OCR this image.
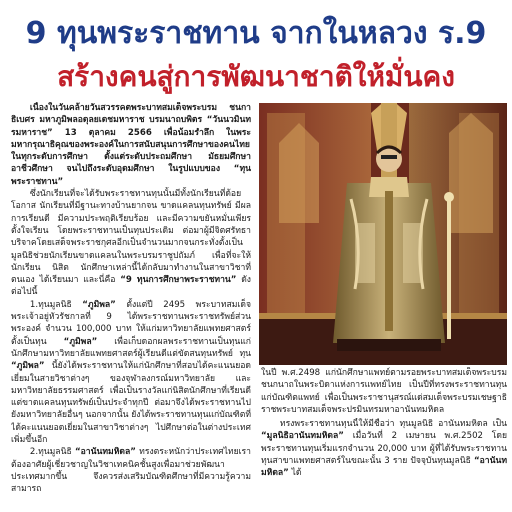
9 ทุนพระราชทาน จากในหลวง ร.9
สร้างคนสู่การพัฒนาชาติให้มั่นคง

เนื่องในวันคล้ายวันสวรรคตพระบาทสมเด็จพระบรม ชนกาธิเบศร มหาภูมิพลอดุลยเดชมหาราช บรมนาถบพิตร “วันนวมินทรมหาราช” 13 ตุลาคม 2566 เพื่อน้อมรำลึก ในพระมหากรุณาธิคุณของพระองค์ในการสนับสนุนการศึกษาของคนไทย ในทุกระดับการศึกษา ตั้งแต่ระดับประถมศึกษา มัธยมศึกษา อาชีวศึกษา จนไปถึงระดับอุดมศึกษา ในรูปแบบของ “ทุนพระราชทาน”

ซึ่งนักเรียนที่จะได้รับพระราชทานทุนนั้นมีทั้งนักเรียนที่ด้อยโอกาส นักเรียนที่มีฐานะทางบ้านยากจน ขาดแคลนทุนทรัพย์ มีผลการเรียนดี มีความประพฤติเรียบร้อย และมีความขยันหมั่นเพียร ตั้งใจเรียน โดยพระราชทานเป็นทุนประเดิม ต่อมาผู้มีจิตศรัทธาบริจาคโดยเสด็จพระราชกุศลอีกเป็นจำนวนมากจนกระทั่งตั้งเป็นมูลนิธิช่วยนักเรียนขาดแคลนในพระบรมราชูปถัมภ์ เพื่อที่จะให้นักเรียน นิสิต นักศึกษาเหล่านี้ได้กลับมาทำงานในสาขาวิชาที่ตนเอง ได้เรียนมา และนี่คือ “9 ทุนการศึกษาพระราชทาน” ดังต่อไปนี้

1.ทุนมูลนิธิ “ภูมิพล” ตั้งแต่ปี 2495 พระบาทสมเด็จพระเจ้าอยู่หัวรัชกาลที่ 9 ได้พระราชทานพระราชทรัพย์ส่วนพระองค์ จำนวน 100,000 บาท ให้แก่มหาวิทยาลัยแพทยศาสตร์ตั้งเป็นทุน “ภูมิพล” เพื่อเก็บดอกผลพระราชทานเป็นทุนแก่นักศึกษามหาวิทยาลัยแพทยศาสตร์ผู้เรียนดีแต่ขัดสนทุนทรัพย์ ทุน “ภูมิพล” นี้ยังได้พระราชทานให้แก่นักศึกษาที่สอบได้คะแนนยอดเยี่ยมในสายวิชาต่างๆ ของจุฬาลงกรณ์มหาวิทยาลัย และมหาวิทยาลัยธรรมศาสตร์ เพื่อเป็นรางวัลแก่นิสิตนักศึกษาที่เรียนดีแต่ขาดแคลนทุนทรัพย์เป็นประจำทุกปี ต่อมาจึงได้พระราชทานไปยังมหาวิทยาลัยอื่นๆ นอกจากนั้น ยังได้พระราชทานทุนแก่บัณฑิตที่ได้คะแนนยอดเยี่ยมในสาขาวิชาต่างๆ ไปศึกษาต่อในต่างประเทศเพิ่มขึ้นอีก

2.ทุนมูลนิธิ “อานันทมหิดล” ทรงตระหนักว่าประเทศไทยเราต้องอาศัยผู้เชี่ยวชาญในวิชาเทคนิคชั้นสูงเพื่อมาช่วยพัฒนาประเทศมากขึ้น จึงควรส่งเสริมบัณฑิตศึกษาที่มีความรู้ความสามารถ

ในปี พ.ศ.2498 แก่นักศึกษาแพทย์ตามรอยพระบาทสมเด็จพระบรมชนกนาถในพระบิดาแห่งการแพทย์ไทย เป็นปีที่ทรงพระราชทานทุนแก่บัณฑิตแพทย์ เพื่อเป็นพระราชานุสรณ์แด่สมเด็จพระบรมเชษฐาธิราชพระบาทสมเด็จพระปรมินทรมหาอานันทมหิดล

ทรงพระราชทานทุนนี้ให้มีชื่อว่า ทุนมูลนิธิ อานันทมหิดล เป็น “มูลนิธิอานันทมหิดล” เมื่อวันที่ 2 เมษายน พ.ศ.2502 โดยพระราชทานทุนเริ่มแรกจำนวน 20,000 บาท ผู้ที่ได้รับพระราชทานทุนสาขาแพทยศาสตร์ในขณะนั้น 3 ราย ปัจจุบันทุนมูลนิธิ “อานันทมหิดล” ได้
